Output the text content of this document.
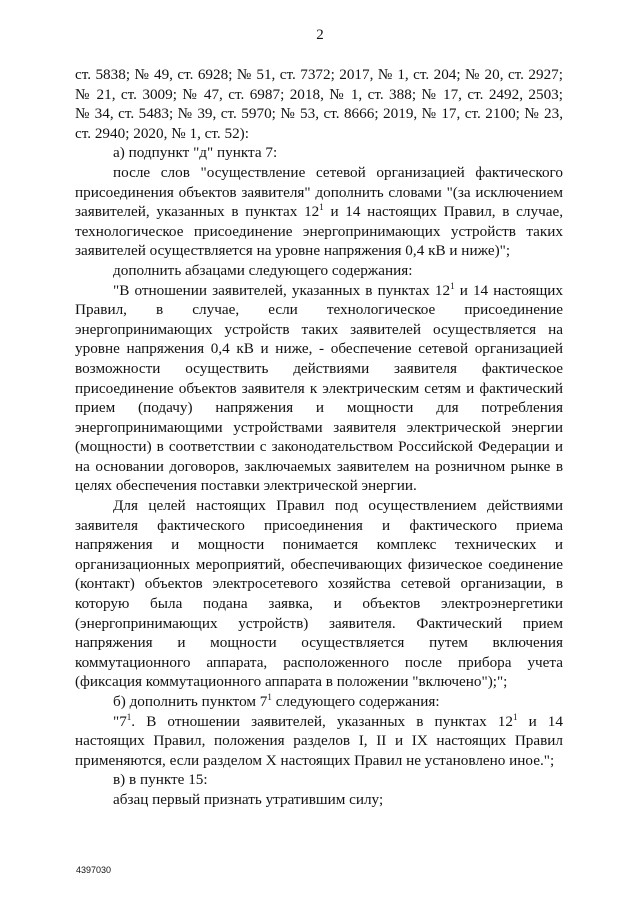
2
ст. 5838; № 49, ст. 6928; № 51, ст. 7372; 2017, № 1, ст. 204; № 20, ст. 2927;
№ 21, ст. 3009; № 47, ст. 6987; 2018, № 1, ст. 388; № 17, ст. 2492, 2503;
№ 34, ст. 5483; № 39, ст. 5970; № 53, ст. 8666; 2019, № 17, ст. 2100; № 23,
ст. 2940; 2020, № 1, ст. 52):
а) подпункт "д" пункта 7:
после слов "осуществление сетевой организацией фактического
присоединения объектов заявителя" дополнить словами "(за исключением
заявителей, указанных в пунктах $12^1$ и 14 настоящих Правил, в случае,
технологическое присоединение энергопринимающих устройств таких
заявителей осуществляется на уровне напряжения 0,4 кВ и ниже)";
дополнить абзацами следующего содержания:
"В отношении заявителей, указанных в пунктах $12^1$ и 14 настоящих
Правил, в случае, если технологическое присоединение
энергопринимающих устройств таких заявителей осуществляется на
уровне напряжения 0,4 кВ и ниже, - обеспечение сетевой организацией
возможности осуществить действиями заявителя фактическое
присоединение объектов заявителя к электрическим сетям и фактический
прием (подачу) напряжения и мощности для потребления
энергопринимающими устройствами заявителя электрической энергии
(мощности) в соответствии с законодательством Российской Федерации и
на основании договоров, заключаемых заявителем на розничном рынке в
целях обеспечения поставки электрической энергии.
Для целей настоящих Правил под осуществлением действиями
заявителя фактического присоединения и фактического приема
напряжения и мощности понимается комплекс технических и
организационных мероприятий, обеспечивающих физическое соединение
(контакт) объектов электросетевого хозяйства сетевой организации, в
которую была подана заявка, и объектов электроэнергетики
(энергопринимающих устройств) заявителя. Фактический прием
напряжения и мощности осуществляется путем включения
коммутационного аппарата, расположенного после прибора учета
(фиксация коммутационного аппарата в положении "включено");";
б) дополнить пунктом $7^1$ следующего содержания:
"$7^1$. В отношении заявителей, указанных в пунктах $12^1$ и 14
настоящих Правил, положения разделов I, II и IX настоящих Правил
применяются, если разделом X настоящих Правил не установлено иное.";
в) в пункте 15:
абзац первый признать утратившим силу;
4397030
